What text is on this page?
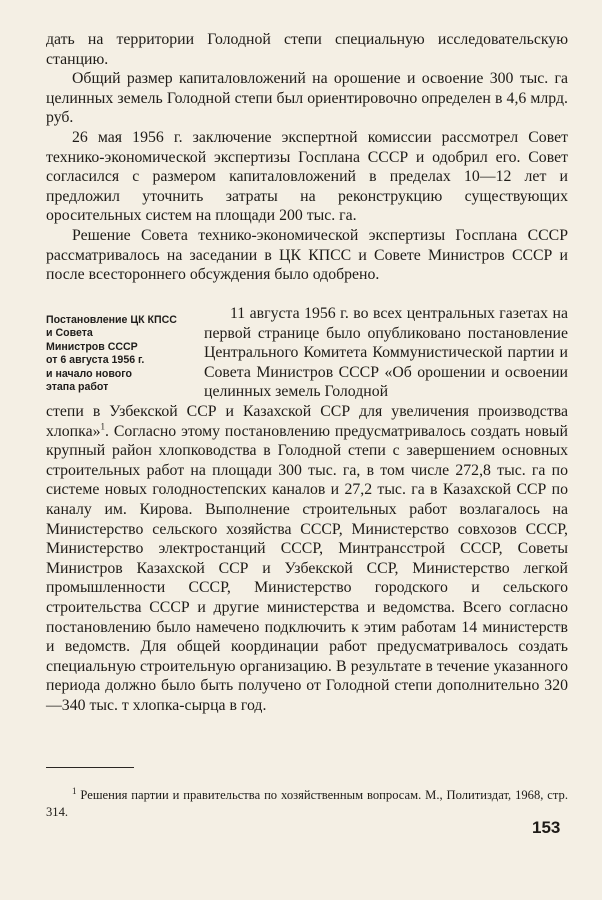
дать на территории Голодной степи специальную исследовательскую станцию.

Общий размер капиталовложений на орошение и освоение 300 тыс. га целинных земель Голодной степи был ориентировочно определен в 4,6 млрд. руб.

26 мая 1956 г. заключение экспертной комиссии рассмотрел Совет технико-экономической экспертизы Госплана СССР и одобрил его. Совет согласился с размером капиталовложений в пределах 10—12 лет и предложил уточнить затраты на реконструкцию существующих оросительных систем на площади 200 тыс. га.

Решение Совета технико-экономической экспертизы Госплана СССР рассматривалось на заседании в ЦК КПСС и Совете Министров СССР и после всестороннего обсуждения было одобрено.

Постановление ЦК КПСС
и Совета
Министров СССР
от 6 августа 1956 г.
и начало нового
этапа работ

11 августа 1956 г. во всех центральных газетах на первой странице было опубликовано постановление Центрального Комитета Коммунистической партии и Совета Министров СССР «Об орошении и освоении целинных земель Голодной

степи в Узбекской ССР и Казахской ССР для увеличения производства хлопка»$^1$. Согласно этому постановлению предусматривалось создать новый крупный район хлопководства в Голодной степи с завершением основных строительных работ на площади 300 тыс. га, в том числе 272,8 тыс. га по системе новых голодностепских каналов и 27,2 тыс. га в Казахской ССР по каналу им. Кирова. Выполнение строительных работ возлагалось на Министерство сельского хозяйства СССР, Министерство совхозов СССР, Министерство электростанций СССР, Минтрансстрой СССР, Советы Министров Казахской ССР и Узбекской ССР, Министерство легкой промышленности СССР, Министерство городского и сельского строительства СССР и другие министерства и ведомства. Всего согласно постановлению было намечено подключить к этим работам 14 министерств и ведомств. Для общей координации работ предусматривалось создать специальную строительную организацию. В результате в течение указанного периода должно было быть получено от Голодной степи дополнительно 320—340 тыс. т хлопка-сырца в год.

$^1$ Решения партии и правительства по хозяйственным вопросам. М., Политиздат, 1968, стр. 314.

153
